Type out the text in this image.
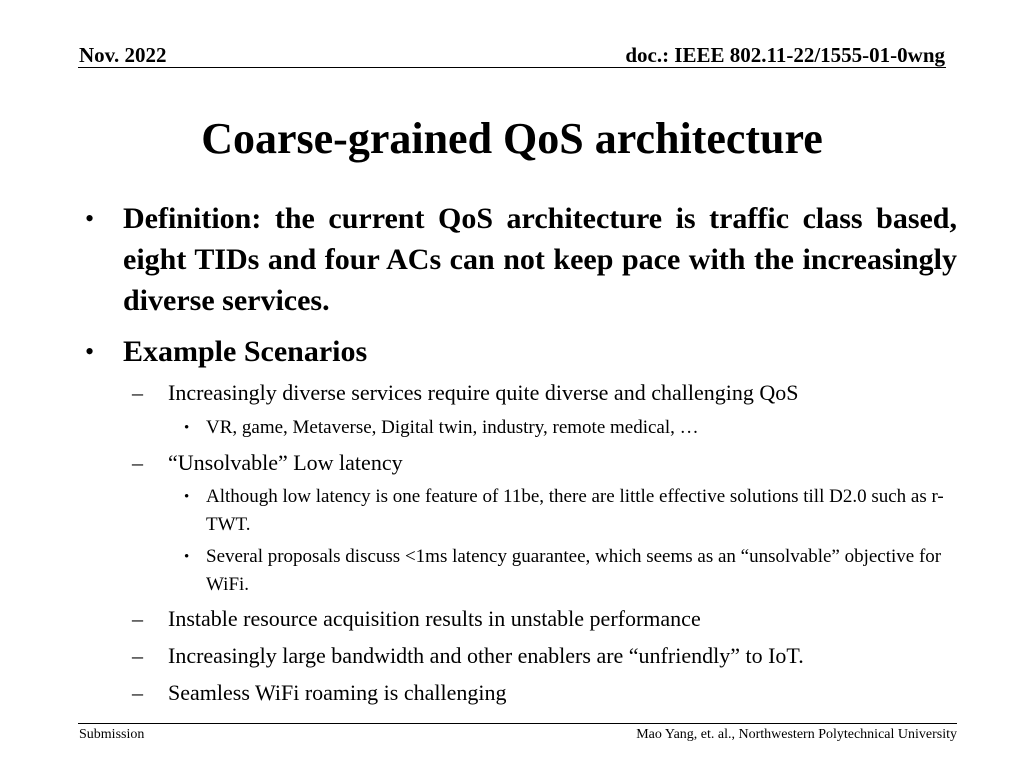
Nov. 2022	doc.: IEEE 802.11-22/1555-01-0wng
Coarse-grained QoS architecture
• Definition: the current QoS architecture is traffic class based, eight TIDs and four ACs can not keep pace with the increasingly diverse services.
• Example Scenarios
– Increasingly diverse services require quite diverse and challenging QoS
• VR, game, Metaverse, Digital twin, industry, remote medical, …
– “Unsolvable” Low latency
• Although low latency is one feature of 11be, there are little effective solutions till D2.0 such as r-TWT.
• Several proposals discuss <1ms latency guarantee, which seems as an “unsolvable” objective for WiFi.
– Instable resource acquisition results in unstable performance
– Increasingly large bandwidth and other enablers are “unfriendly” to IoT.
– Seamless WiFi roaming is challenging
Submission	Mao Yang, et. al., Northwestern Polytechnical University
